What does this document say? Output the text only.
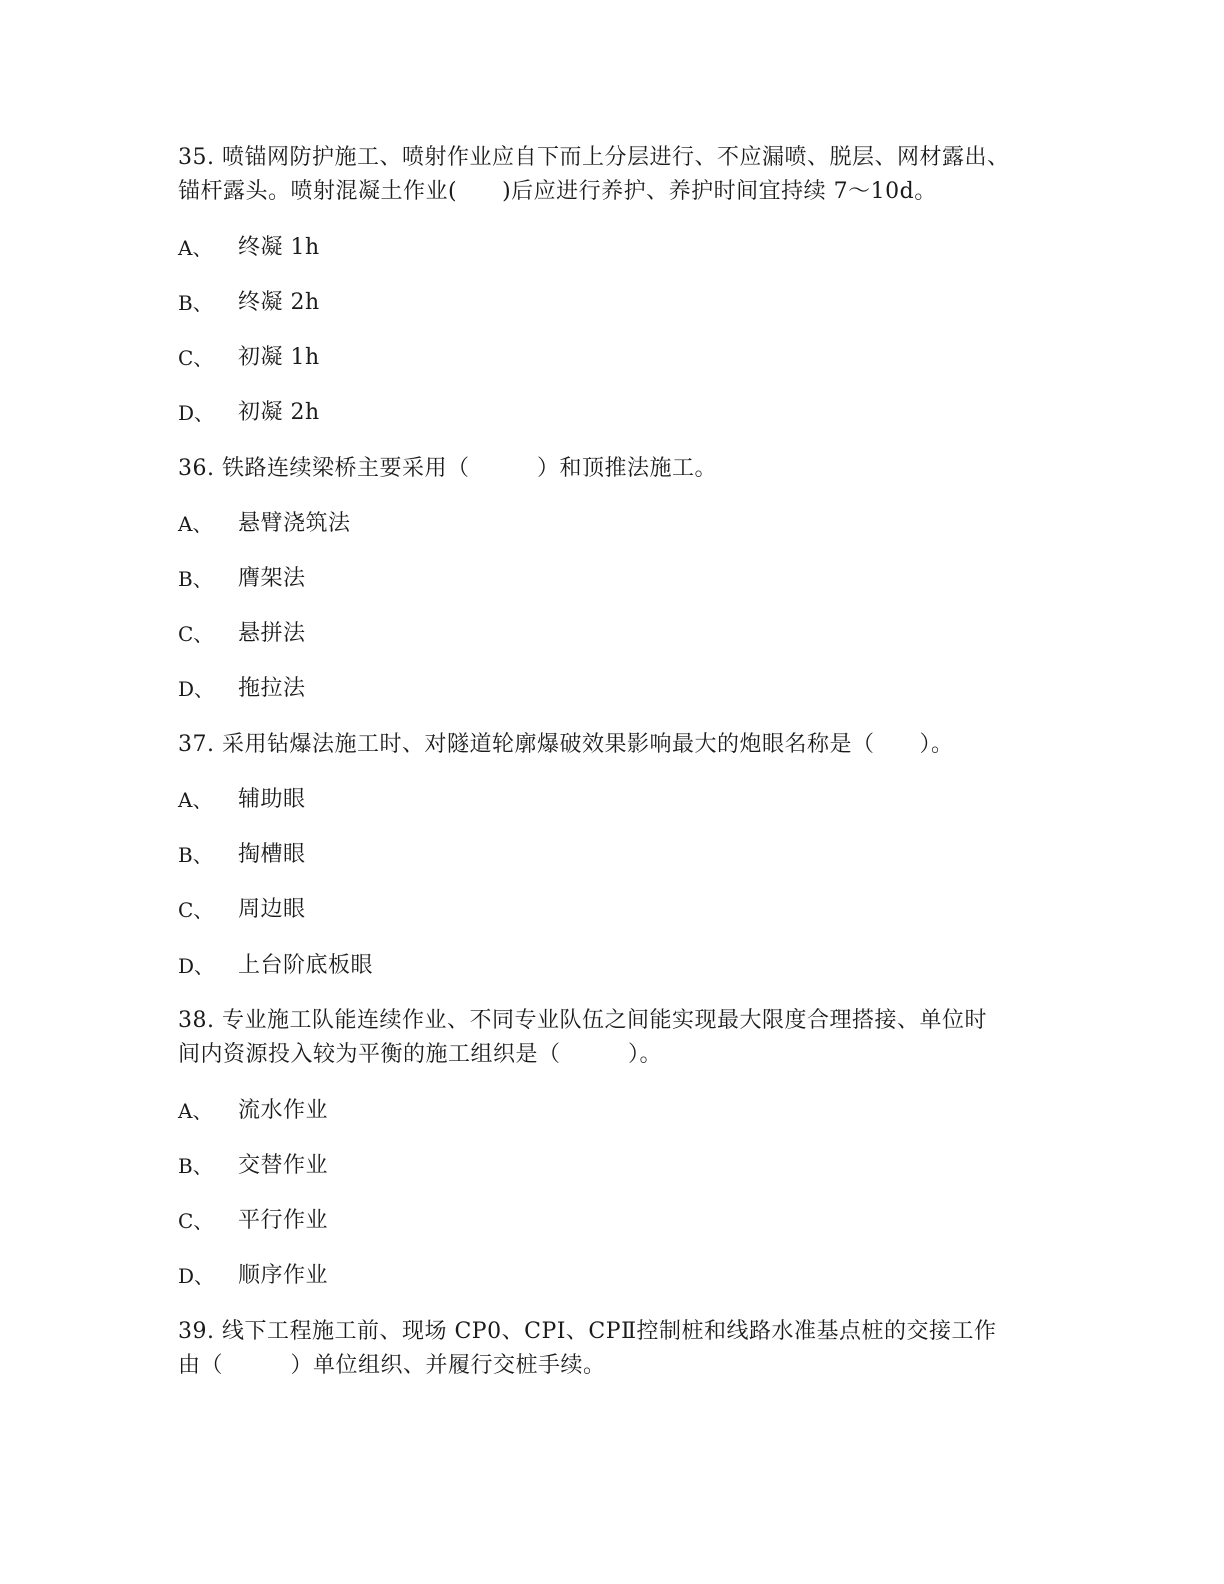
35. 喷锚网防护施工、喷射作业应自下而上分层进行、不应漏喷、脱层、网材露出、
锚杆露头。喷射混凝土作业(　　)后应进行养护、养护时间宜持续 7～10d。
A、 终凝 1h
B、 终凝 2h
C、 初凝 1h
D、 初凝 2h
36. 铁路连续梁桥主要采用（　　　）和顶推法施工。
A、 悬臂浇筑法
B、 膺架法
C、 悬拼法
D、 拖拉法
37. 采用钻爆法施工时、对隧道轮廓爆破效果影响最大的炮眼名称是（　　）。
A、 辅助眼
B、 掏槽眼
C、 周边眼
D、 上台阶底板眼
38. 专业施工队能连续作业、不同专业队伍之间能实现最大限度合理搭接、单位时
间内资源投入较为平衡的施工组织是（　　　）。
A、 流水作业
B、 交替作业
C、 平行作业
D、 顺序作业
39. 线下工程施工前、现场 CP0、CPⅠ、CPⅡ控制桩和线路水准基点桩的交接工作
由（　　　）单位组织、并履行交桩手续。
